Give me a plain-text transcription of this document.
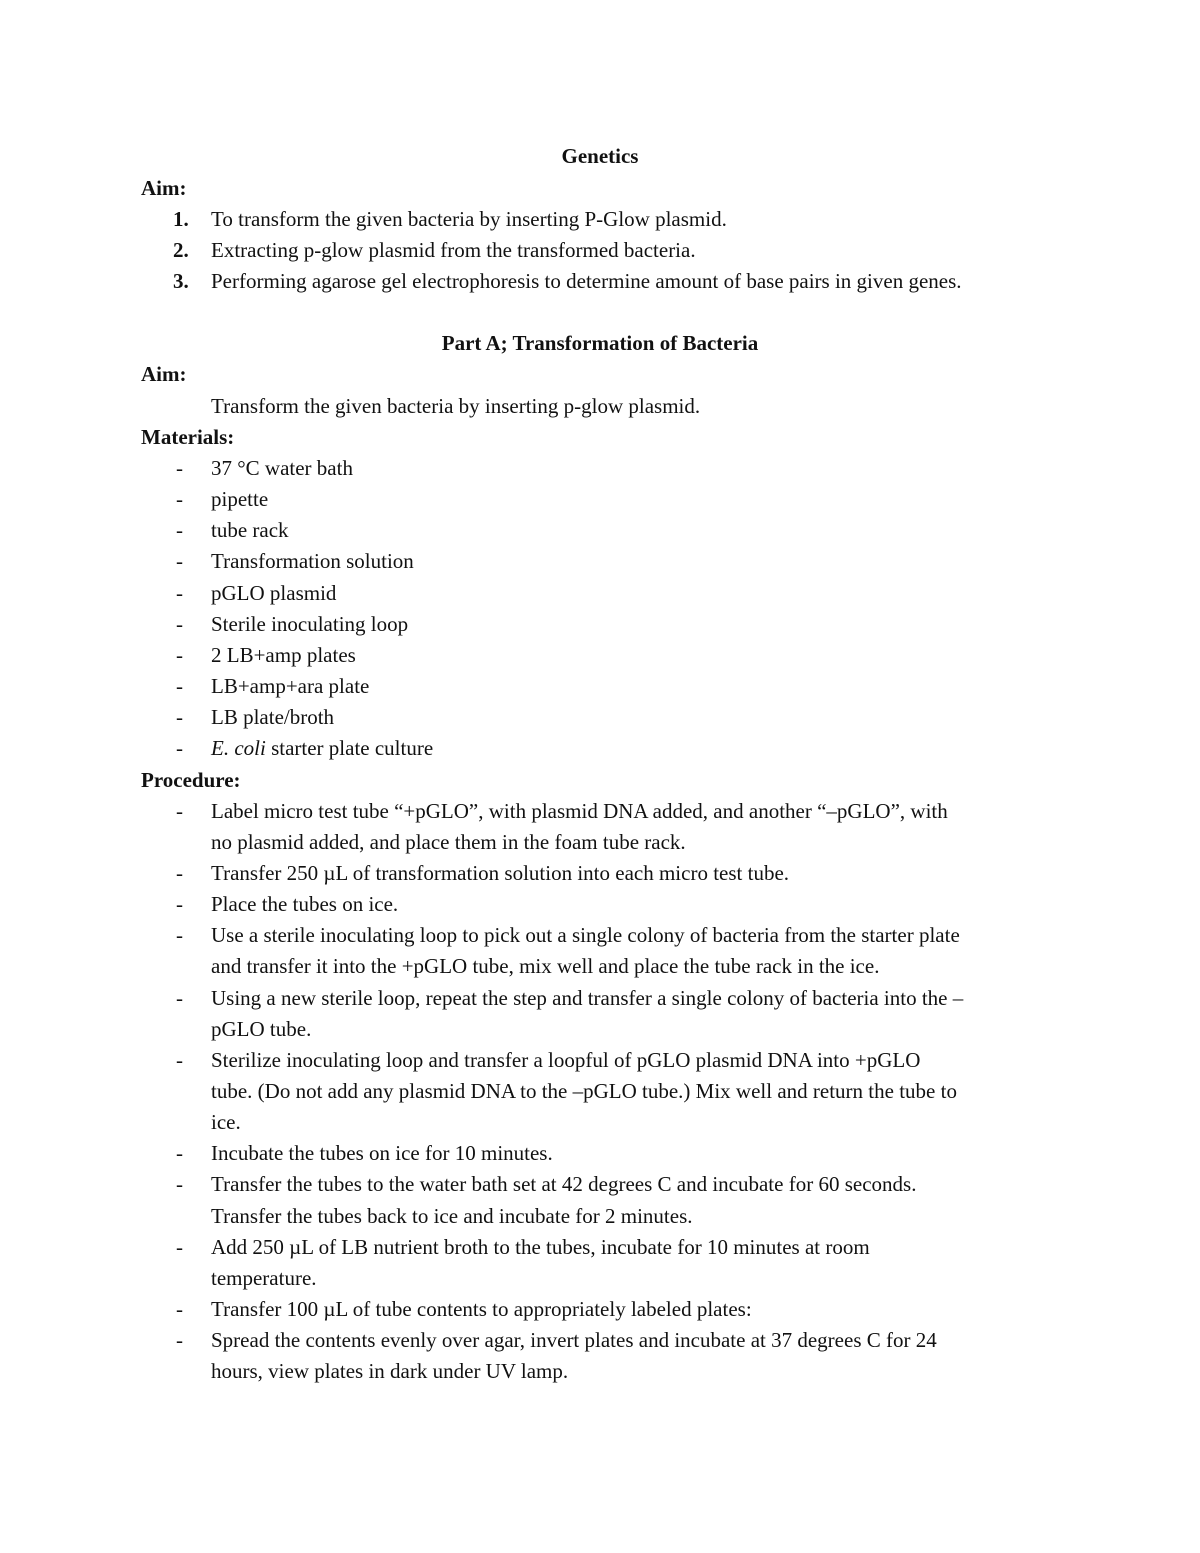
Genetics
Aim:
1. To transform the given bacteria by inserting P-Glow plasmid.
2. Extracting p-glow plasmid from the transformed bacteria.
3. Performing agarose gel electrophoresis to determine amount of base pairs in given genes.
Part A; Transformation of Bacteria
Aim:
Transform the given bacteria by inserting p-glow plasmid.
Materials:
- 37 °C water bath
- pipette
- tube rack
- Transformation solution
- pGLO plasmid
- Sterile inoculating loop
- 2 LB+amp plates
- LB+amp+ara plate
- LB plate/broth
- E. coli starter plate culture
Procedure:
- Label micro test tube “+pGLO”, with plasmid DNA added, and another “–pGLO”, with
no plasmid added, and place them in the foam tube rack.
- Transfer 250 µL of transformation solution into each micro test tube.
- Place the tubes on ice.
- Use a sterile inoculating loop to pick out a single colony of bacteria from the starter plate
and transfer it into the +pGLO tube, mix well and place the tube rack in the ice.
- Using a new sterile loop, repeat the step and transfer a single colony of bacteria into the –
pGLO tube.
- Sterilize inoculating loop and transfer a loopful of pGLO plasmid DNA into +pGLO
tube. (Do not add any plasmid DNA to the –pGLO tube.) Mix well and return the tube to
ice.
- Incubate the tubes on ice for 10 minutes.
- Transfer the tubes to the water bath set at 42 degrees C and incubate for 60 seconds.
Transfer the tubes back to ice and incubate for 2 minutes.
- Add 250 µL of LB nutrient broth to the tubes, incubate for 10 minutes at room
temperature.
- Transfer 100 µL of tube contents to appropriately labeled plates:
- Spread the contents evenly over agar, invert plates and incubate at 37 degrees C for 24
hours, view plates in dark under UV lamp.
